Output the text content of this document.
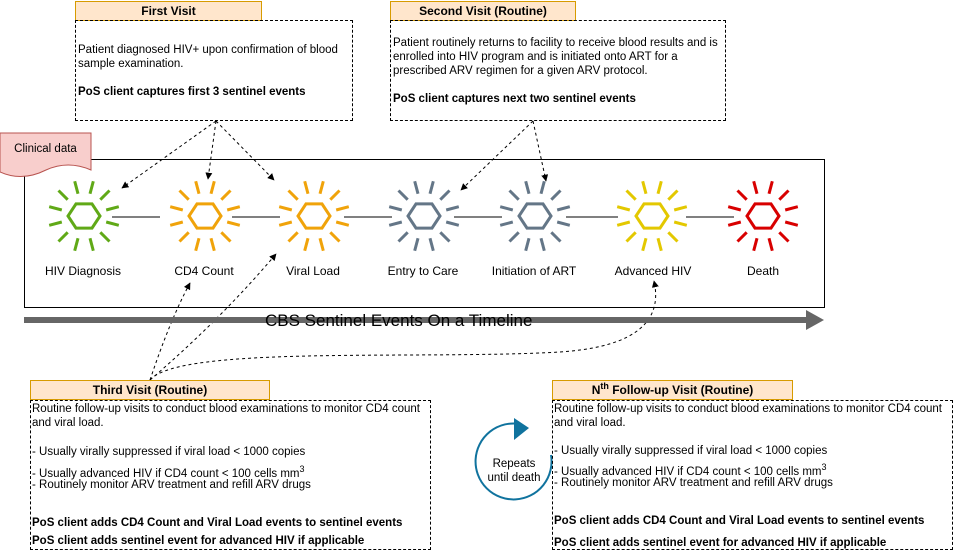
Clinical data
First Visit
Patient diagnosed HIV+ upon confirmation of blood sample examination.
PoS client captures first 3 sentinel events
Second Visit (Routine)
Patient routinely returns to facility to receive blood results and is enrolled into HIV program and is initiated onto ART for a prescribed ARV regimen for a given ARV protocol.
PoS client captures next two sentinel events
HIV Diagnosis	CD4 Count	Viral Load	Entry to Care	Initiation of ART	Advanced HIV	Death
CBS Sentinel Events On a Timeline
Third Visit (Routine)
Routine follow-up visits to conduct blood examinations to monitor CD4 count and viral load.
- Usually virally suppressed if viral load < 1000 copies
- Usually advanced HIV if CD4 count < 100 cells $mm^3$
- Routinely monitor ARV treatment and refill ARV drugs
PoS client adds CD4 Count and Viral Load events to sentinel events
PoS client adds sentinel event for advanced HIV if applicable
$N^{th}$ Follow-up Visit (Routine)
Routine follow-up visits to conduct blood examinations to monitor CD4 count and viral load.
- Usually virally suppressed if viral load < 1000 copies
- Usually advanced HIV if CD4 count < 100 cells $mm^3$
- Routinely monitor ARV treatment and refill ARV drugs
PoS client adds CD4 Count and Viral Load events to sentinel events
PoS client adds sentinel event for advanced HIV if applicable
Repeats
until death
